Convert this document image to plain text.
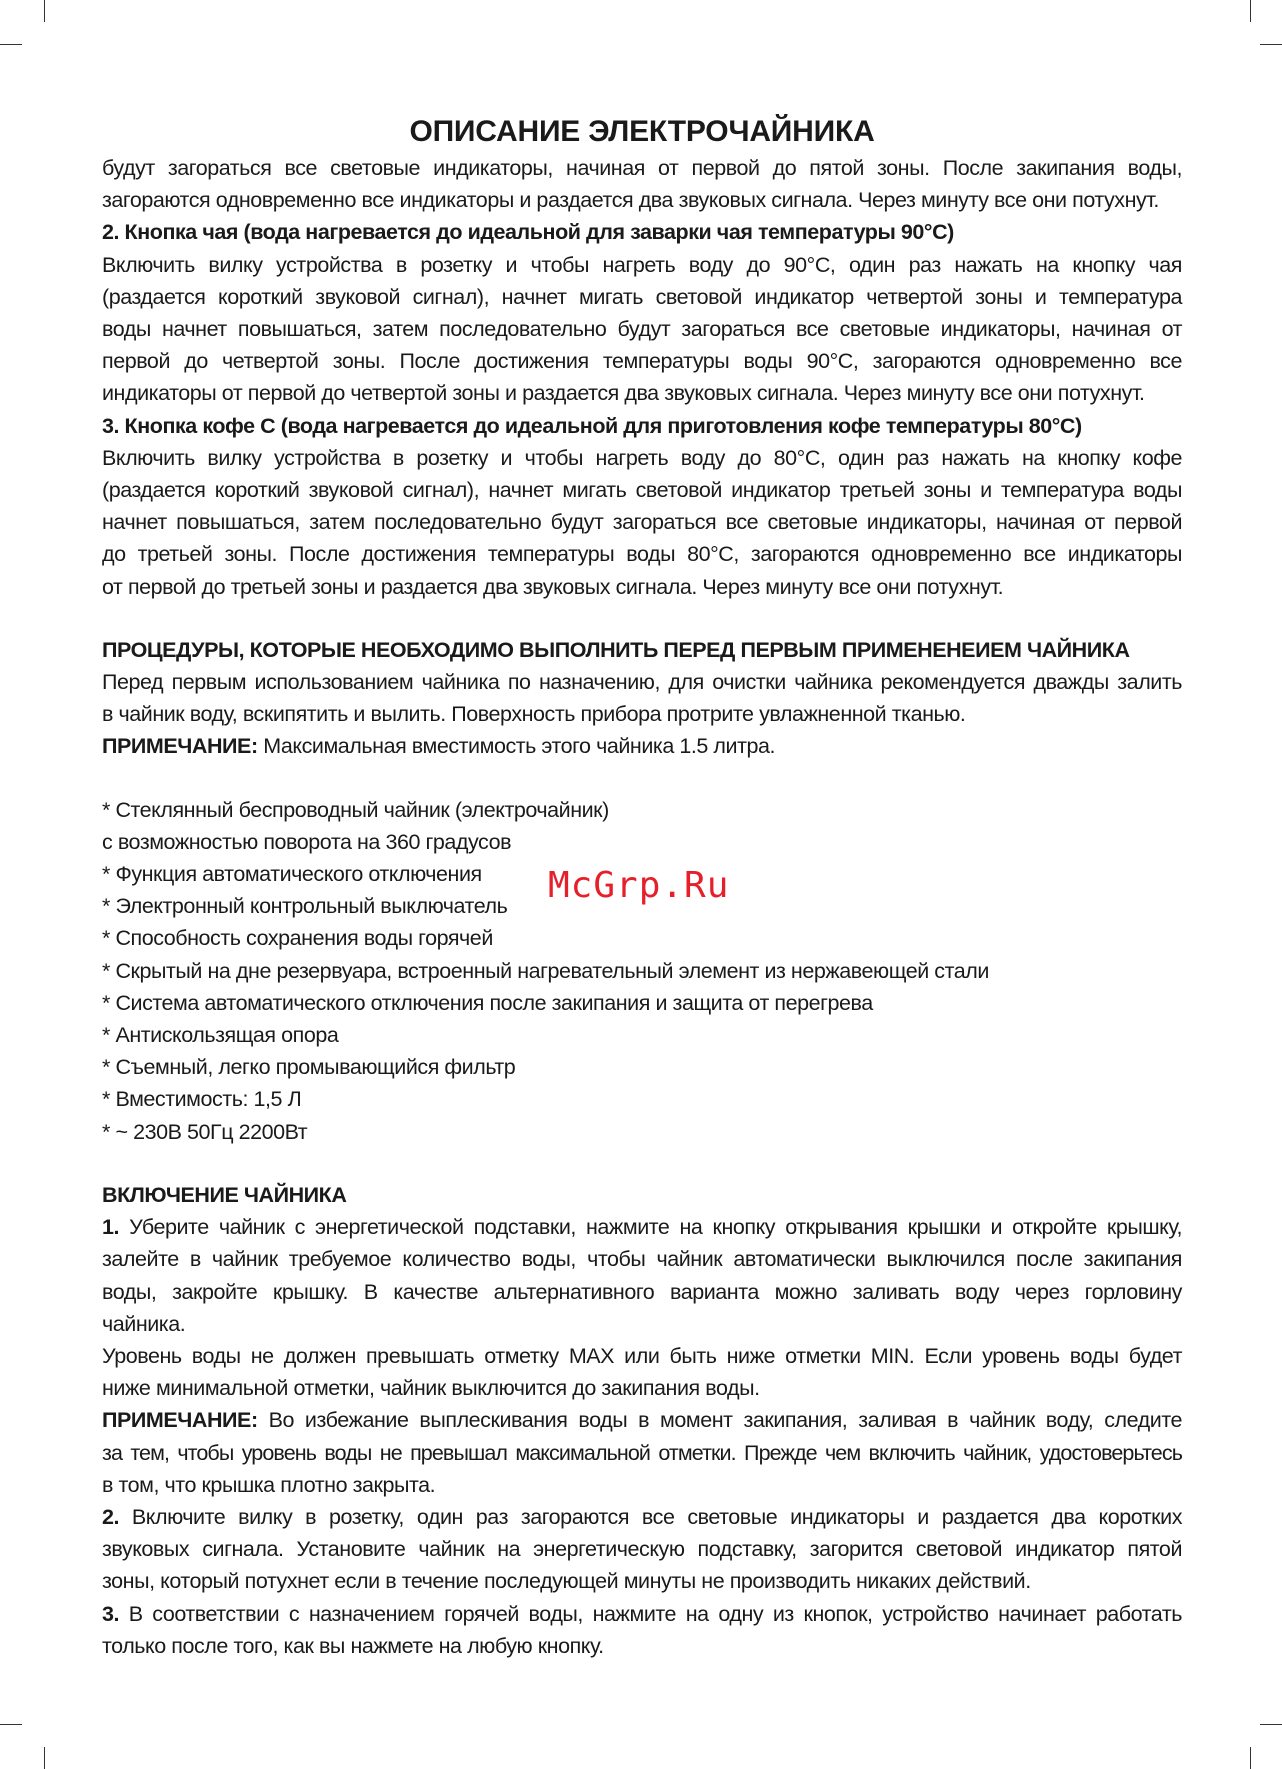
McGrp.Ru
ОПИСАНИЕ ЭЛЕКТРОЧАЙНИКА

будут загораться все световые индикаторы, начиная от первой до пятой зоны. После закипания воды,

загораются одновременно все индикаторы и раздается два звуковых сигнала. Через минуту все они потухнут.

2. Кнопка чая (вода нагревается до идеальной для заварки чая температуры 90°С)

Включить вилку устройства в розетку и чтобы нагреть воду до 90°С, один раз нажать на кнопку чая

(раздается короткий звуковой сигнал), начнет мигать световой индикатор четвертой зоны и температура

воды начнет повышаться, затем последовательно будут загораться все световые индикаторы, начиная от

первой до четвертой зоны. После достижения температуры воды 90°С, загораются одновременно все

индикаторы от первой до четвертой зоны и раздается два звуковых сигнала. Через минуту все они потухнут.

3. Кнопка кофе С (вода нагревается до идеальной для приготовления кофе температуры 80°С)

Включить вилку устройства в розетку и чтобы нагреть воду до 80°С, один раз нажать на кнопку кофе

(раздается короткий звуковой сигнал), начнет мигать световой индикатор третьей зоны и температура воды

начнет повышаться, затем последовательно будут загораться все световые индикаторы, начиная от первой

до третьей зоны. После достижения температуры воды 80°С, загораются одновременно все индикаторы

от первой до третьей зоны и раздается два звуковых сигнала. Через минуту все они потухнут.

ПРОЦЕДУРЫ, КОТОРЫЕ НЕОБХОДИМО ВЫПОЛНИТЬ ПЕРЕД ПЕРВЫМ ПРИМЕНЕНЕИЕМ ЧАЙНИКА

Перед первым использованием чайника по назначению, для очистки чайника рекомендуется дважды залить

в чайник воду, вскипятить и вылить. Поверхность прибора протрите увлажненной тканью.

ПРИМЕЧАНИЕ: Максимальная вместимость этого чайника 1.5 литра.

* Стеклянный беспроводный чайник (электрочайник)

с возможностью поворота на 360 градусов

* Функция автоматического отключения

* Электронный контрольный выключатель

* Способность сохранения воды горячей

* Скрытый на дне резервуара, встроенный нагревательный элемент из нержавеющей стали

* Система автоматического отключения после закипания и защита от перегрева

* Антискользящая опора

* Съемный, легко промывающийся фильтр

* Вместимость: 1,5 Л

* ~ 230В 50Гц 2200Вт

ВКЛЮЧЕНИЕ ЧАЙНИКА

1. Уберите чайник с энергетической подставки, нажмите на кнопку открывания крышки и откройте крышку,

залейте в чайник требуемое количество воды, чтобы чайник автоматически выключился после закипания

воды, закройте крышку. В качестве альтернативного варианта можно заливать воду через горловину

чайника.

Уровень воды не должен превышать отметку MAX или быть ниже отметки MIN. Если уровень воды будет

ниже минимальной отметки, чайник выключится до закипания воды.

ПРИМЕЧАНИЕ: Во избежание выплескивания воды в момент закипания, заливая в чайник воду, следите

за тем, чтобы уровень воды не превышал максимальной отметки. Прежде чем включить чайник, удостоверьтесь

в том, что крышка плотно закрыта.

2. Включите вилку в розетку, один раз загораются все световые индикаторы и раздается два коротких

звуковых сигнала. Установите чайник на энергетическую подставку, загорится световой индикатор пятой

зоны, который потухнет если в течение последующей минуты не производить никаких действий.

3. В соответствии с назначением горячей воды, нажмите на одну из кнопок, устройство начинает работать

только после того, как вы нажмете на любую кнопку.
